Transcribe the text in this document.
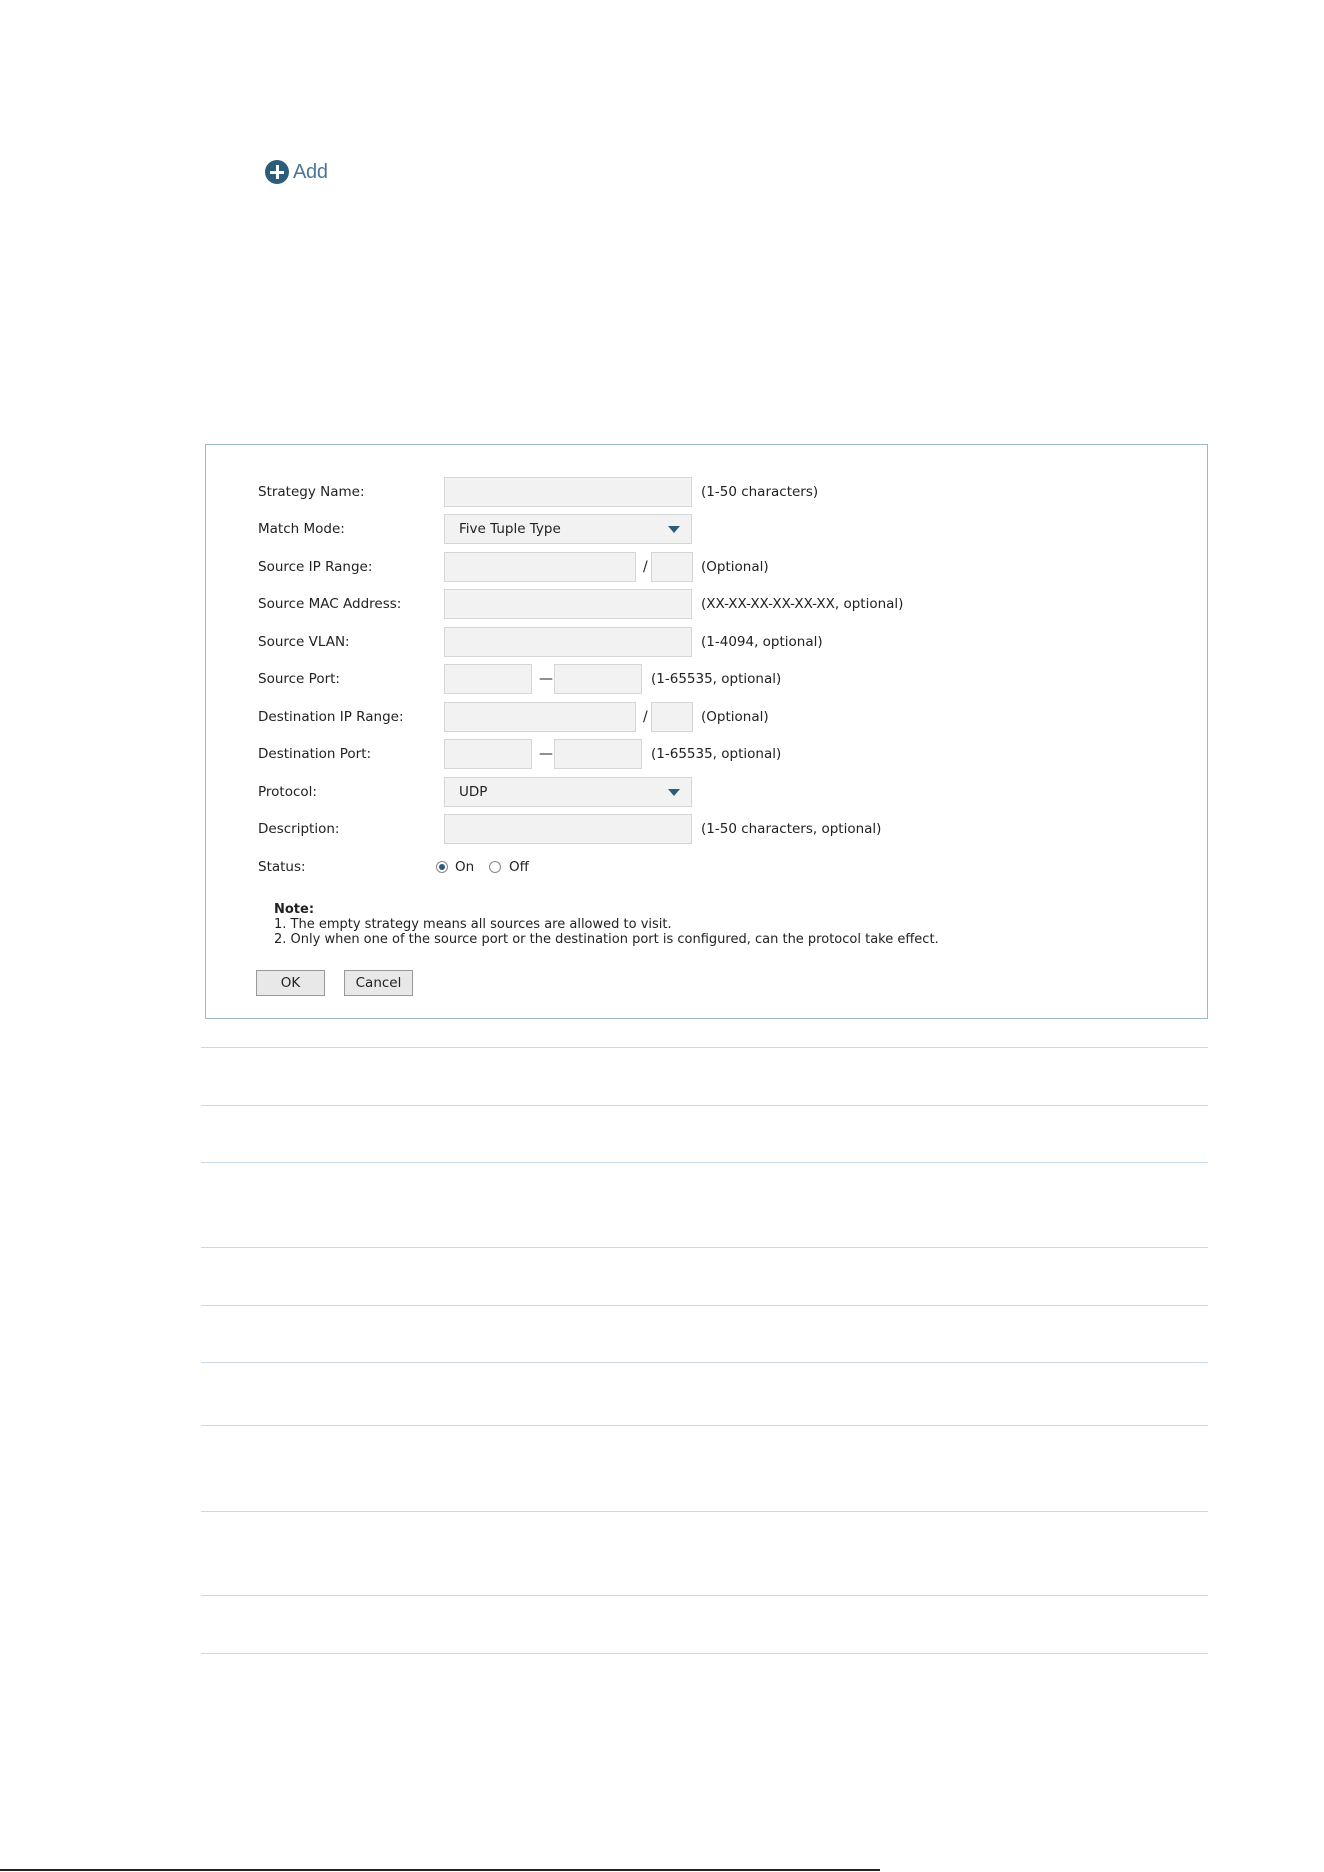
Add
Strategy Name:	(1-50 characters)
Match Mode:	Five Tuple Type
Source IP Range:	/	(Optional)
Source MAC Address:	(XX-XX-XX-XX-XX-XX, optional)
Source VLAN:	(1-4094, optional)
Source Port:	—	(1-65535, optional)
Destination IP Range:	/	(Optional)
Destination Port:	—	(1-65535, optional)
Protocol:	UDP
Description:	(1-50 characters, optional)
Status:	On	Off
Note:
1. The empty strategy means all sources are allowed to visit.
2. Only when one of the source port or the destination port is configured, can the protocol take effect.
OK	Cancel
